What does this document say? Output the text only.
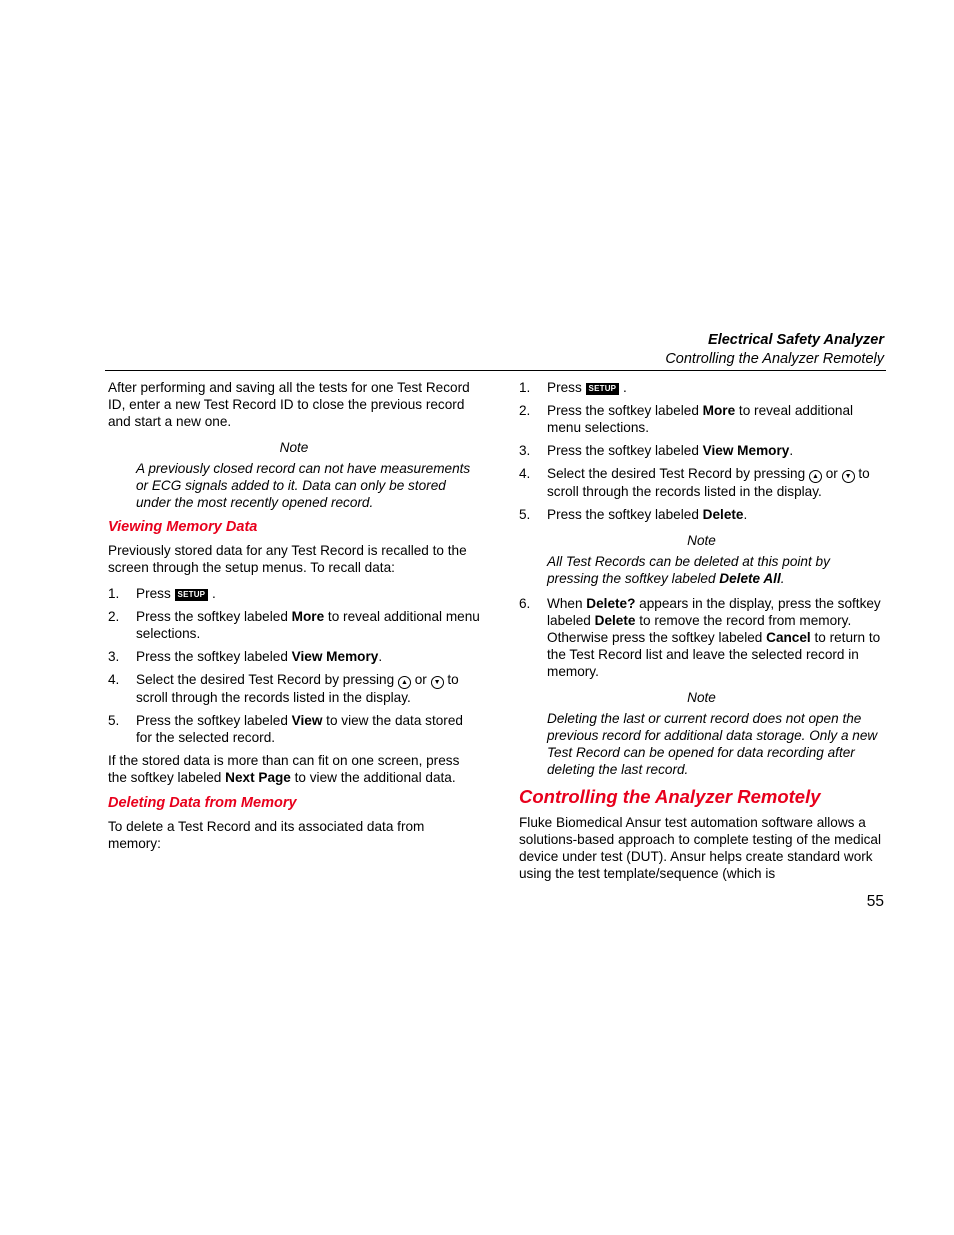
Electrical Safety Analyzer
Controlling the Analyzer Remotely

After performing and saving all the tests for one Test Record ID, enter a new Test Record ID to close the previous record and start a new one.

Note

A previously closed record can not have measurements or ECG signals added to it. Data can only be stored under the most recently opened record.

Viewing Memory Data

Previously stored data for any Test Record is recalled to the screen through the setup menus. To recall data:

1.	Press SETUP .
2.	Press the softkey labeled More to reveal additional menu selections.
3.	Press the softkey labeled View Memory.
4.	Select the desired Test Record by pressing ▲ or ▼ to scroll through the records listed in the display.
5.	Press the softkey labeled View to view the data stored for the selected record.

If the stored data is more than can fit on one screen, press the softkey labeled Next Page to view the additional data.

Deleting Data from Memory

To delete a Test Record and its associated data from memory:

1.	Press SETUP .
2.	Press the softkey labeled More to reveal additional menu selections.
3.	Press the softkey labeled View Memory.
4.	Select the desired Test Record by pressing ▲ or ▼ to scroll through the records listed in the display.
5.	Press the softkey labeled Delete.

Note

All Test Records can be deleted at this point by pressing the softkey labeled Delete All.

6.	When Delete? appears in the display, press the softkey labeled Delete to remove the record from memory. Otherwise press the softkey labeled Cancel to return to the Test Record list and leave the selected record in memory.

Note

Deleting the last or current record does not open the previous record for additional data storage. Only a new Test Record can be opened for data recording after deleting the last record.

Controlling the Analyzer Remotely

Fluke Biomedical Ansur test automation software allows a solutions-based approach to complete testing of the medical device under test (DUT). Ansur helps create standard work using the test template/sequence (which is

55
